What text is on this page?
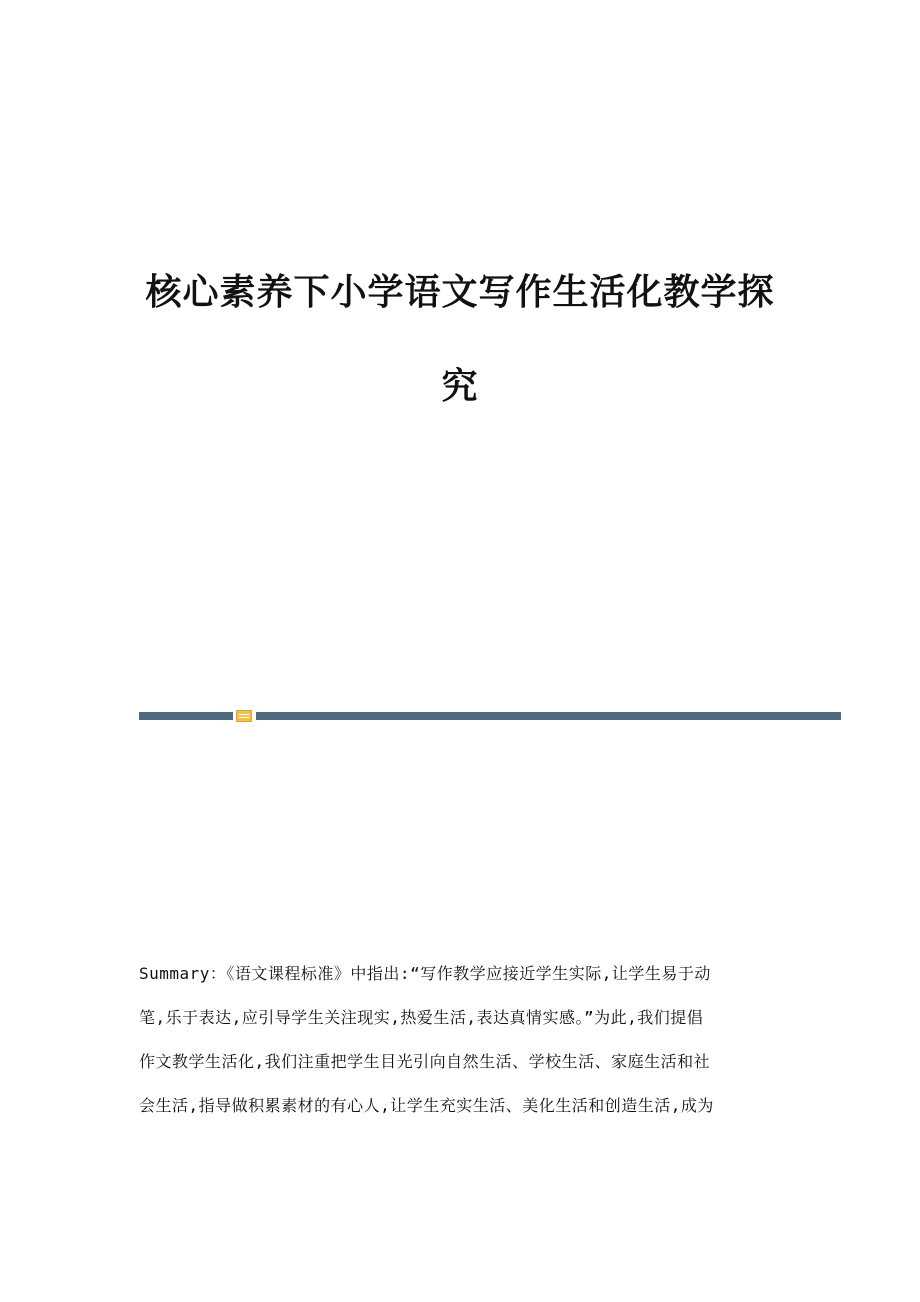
核心素养下小学语文写作生活化教学探
究
Summary：《语文课程标准》中指出:“写作教学应接近学生实际,让学生易于动
笔,乐于表达,应引导学生关注现实,热爱生活,表达真情实感。”为此,我们提倡
作文教学生活化,我们注重把学生目光引向自然生活、学校生活、家庭生活和社
会生活,指导做积累素材的有心人,让学生充实生活、美化生活和创造生活,成为
